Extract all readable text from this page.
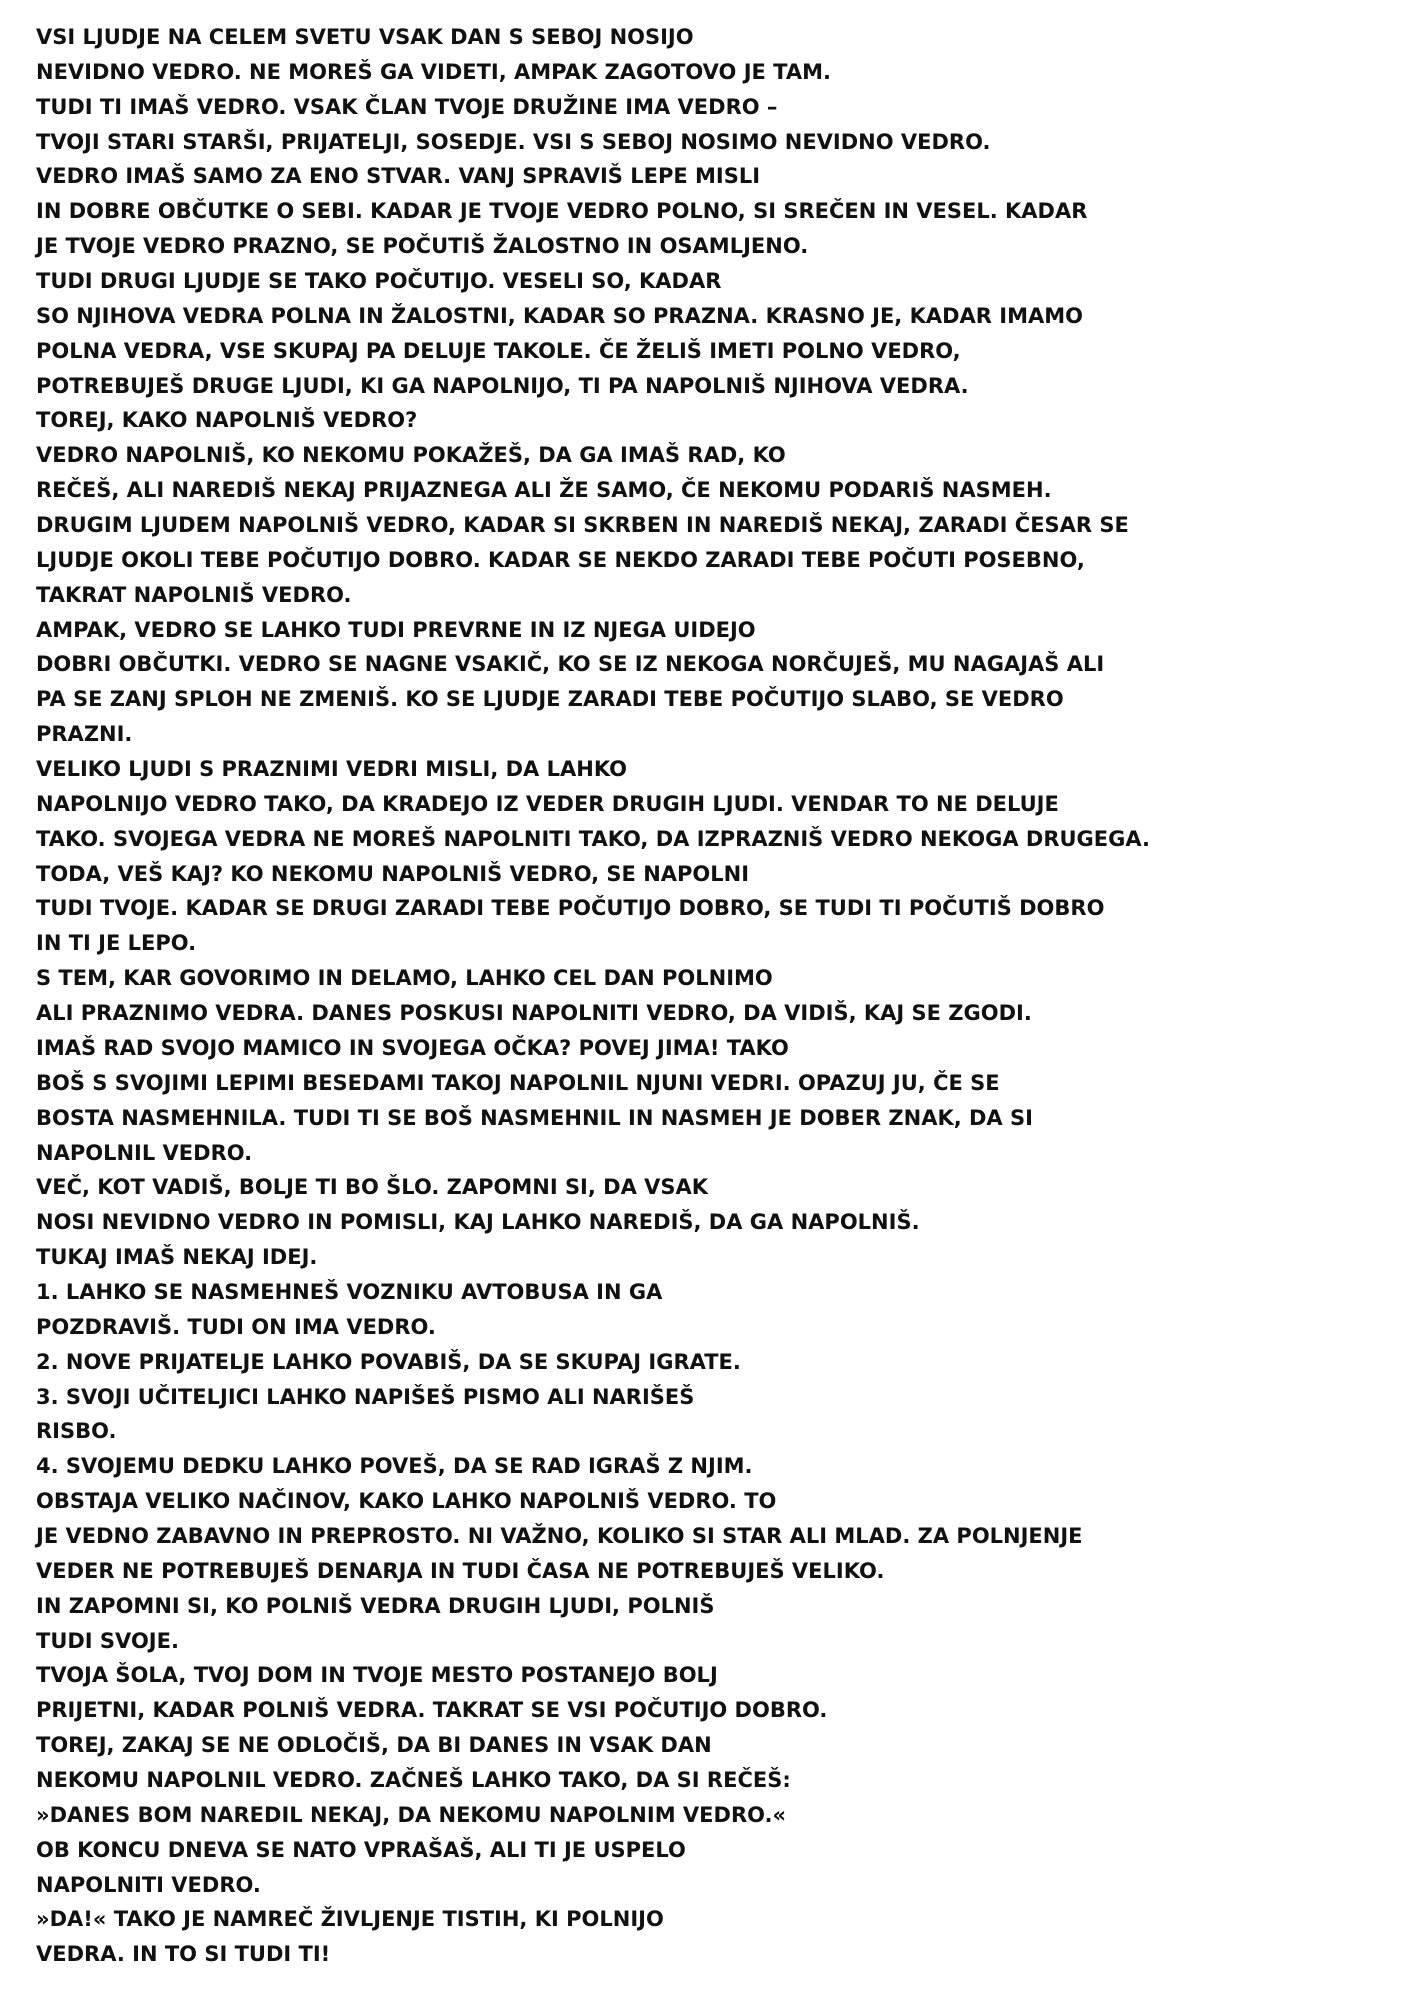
VSI LJUDJE NA CELEM SVETU VSAK DAN S SEBOJ NOSIJO
NEVIDNO VEDRO. NE MOREŠ GA VIDETI, AMPAK ZAGOTOVO JE TAM.
TUDI TI IMAŠ VEDRO. VSAK ČLAN TVOJE DRUŽINE IMA VEDRO –
TVOJI STARI STARŠI, PRIJATELJI, SOSEDJE. VSI S SEBOJ NOSIMO NEVIDNO VEDRO.
VEDRO IMAŠ SAMO ZA ENO STVAR. VANJ SPRAVIŠ LEPE MISLI
IN DOBRE OBČUTKE O SEBI. KADAR JE TVOJE VEDRO POLNO, SI SREČEN IN VESEL. KADAR
JE TVOJE VEDRO PRAZNO, SE POČUTIŠ ŽALOSTNO IN OSAMLJENO.
TUDI DRUGI LJUDJE SE TAKO POČUTIJO. VESELI SO, KADAR
SO NJIHOVA VEDRA POLNA IN ŽALOSTNI, KADAR SO PRAZNA. KRASNO JE, KADAR IMAMO
POLNA VEDRA, VSE SKUPAJ PA DELUJE TAKOLE. ČE ŽELIŠ IMETI POLNO VEDRO,
POTREBUJEŠ DRUGE LJUDI, KI GA NAPOLNIJO, TI PA NAPOLNIŠ NJIHOVA VEDRA.
TOREJ, KAKO NAPOLNIŠ VEDRO?
VEDRO NAPOLNIŠ, KO NEKOMU POKAŽEŠ, DA GA IMAŠ RAD, KO
REČEŠ, ALI NAREDIŠ NEKAJ PRIJAZNEGA ALI ŽE SAMO, ČE NEKOMU PODARIŠ NASMEH.
DRUGIM LJUDEM NAPOLNIŠ VEDRO, KADAR SI SKRBEN IN NAREDIŠ NEKAJ, ZARADI ČESAR SE
LJUDJE OKOLI TEBE POČUTIJO DOBRO. KADAR SE NEKDO ZARADI TEBE POČUTI POSEBNO,
TAKRAT NAPOLNIŠ VEDRO.
AMPAK, VEDRO SE LAHKO TUDI PREVRNE IN IZ NJEGA UIDEJO
DOBRI OBČUTKI. VEDRO SE NAGNE VSAKIČ, KO SE IZ NEKOGA NORČUJEŠ, MU NAGAJAŠ ALI
PA SE ZANJ SPLOH NE ZMENIŠ. KO SE LJUDJE ZARADI TEBE POČUTIJO SLABO, SE VEDRO
PRAZNI.
VELIKO LJUDI S PRAZNIMI VEDRI MISLI, DA LAHKO
NAPOLNIJO VEDRO TAKO, DA KRADEJO IZ VEDER DRUGIH LJUDI. VENDAR TO NE DELUJE
TAKO. SVOJEGA VEDRA NE MOREŠ NAPOLNITI TAKO, DA IZPRAZNIŠ VEDRO NEKOGA DRUGEGA.
TODA, VEŠ KAJ? KO NEKOMU NAPOLNIŠ VEDRO, SE NAPOLNI
TUDI TVOJE. KADAR SE DRUGI ZARADI TEBE POČUTIJO DOBRO, SE TUDI TI POČUTIŠ DOBRO
IN TI JE LEPO.
S TEM, KAR GOVORIMO IN DELAMO, LAHKO CEL DAN POLNIMO
ALI PRAZNIMO VEDRA. DANES POSKUSI NAPOLNITI VEDRO, DA VIDIŠ, KAJ SE ZGODI.
IMAŠ RAD SVOJO MAMICO IN SVOJEGA OČKA? POVEJ JIMA! TAKO
BOŠ S SVOJIMI LEPIMI BESEDAMI TAKOJ NAPOLNIL NJUNI VEDRI. OPAZUJ JU, ČE SE
BOSTA NASMEHNILA. TUDI TI SE BOŠ NASMEHNIL IN NASMEH JE DOBER ZNAK, DA SI
NAPOLNIL VEDRO.
VEČ, KOT VADIŠ, BOLJE TI BO ŠLO. ZAPOMNI SI, DA VSAK
NOSI NEVIDNO VEDRO IN POMISLI, KAJ LAHKO NAREDIŠ, DA GA NAPOLNIŠ.
TUKAJ IMAŠ NEKAJ IDEJ.
1. LAHKO SE NASMEHNEŠ VOZNIKU AVTOBUSA IN GA
POZDRAVIŠ. TUDI ON IMA VEDRO.
2. NOVE PRIJATELJE LAHKO POVABIŠ, DA SE SKUPAJ IGRATE.
3. SVOJI UČITELJICI LAHKO NAPIŠEŠ PISMO ALI NARIŠEŠ
RISBO.
4. SVOJEMU DEDKU LAHKO POVEŠ, DA SE RAD IGRAŠ Z NJIM.
OBSTAJA VELIKO NAČINOV, KAKO LAHKO NAPOLNIŠ VEDRO. TO
JE VEDNO ZABAVNO IN PREPROSTO. NI VAŽNO, KOLIKO SI STAR ALI MLAD. ZA POLNJENJE
VEDER NE POTREBUJEŠ DENARJA IN TUDI ČASA NE POTREBUJEŠ VELIKO.
IN ZAPOMNI SI, KO POLNIŠ VEDRA DRUGIH LJUDI, POLNIŠ
TUDI SVOJE.
TVOJA ŠOLA, TVOJ DOM IN TVOJE MESTO POSTANEJO BOLJ
PRIJETNI, KADAR POLNIŠ VEDRA. TAKRAT SE VSI POČUTIJO DOBRO.
TOREJ, ZAKAJ SE NE ODLOČIŠ, DA BI DANES IN VSAK DAN
NEKOMU NAPOLNIL VEDRO. ZAČNEŠ LAHKO TAKO, DA SI REČEŠ:
»DANES BOM NAREDIL NEKAJ, DA NEKOMU NAPOLNIM VEDRO.«
OB KONCU DNEVA SE NATO VPRAŠAŠ, ALI TI JE USPELO
NAPOLNITI VEDRO.
»DA!« TAKO JE NAMREČ ŽIVLJENJE TISTIH, KI POLNIJO
VEDRA. IN TO SI TUDI TI!
